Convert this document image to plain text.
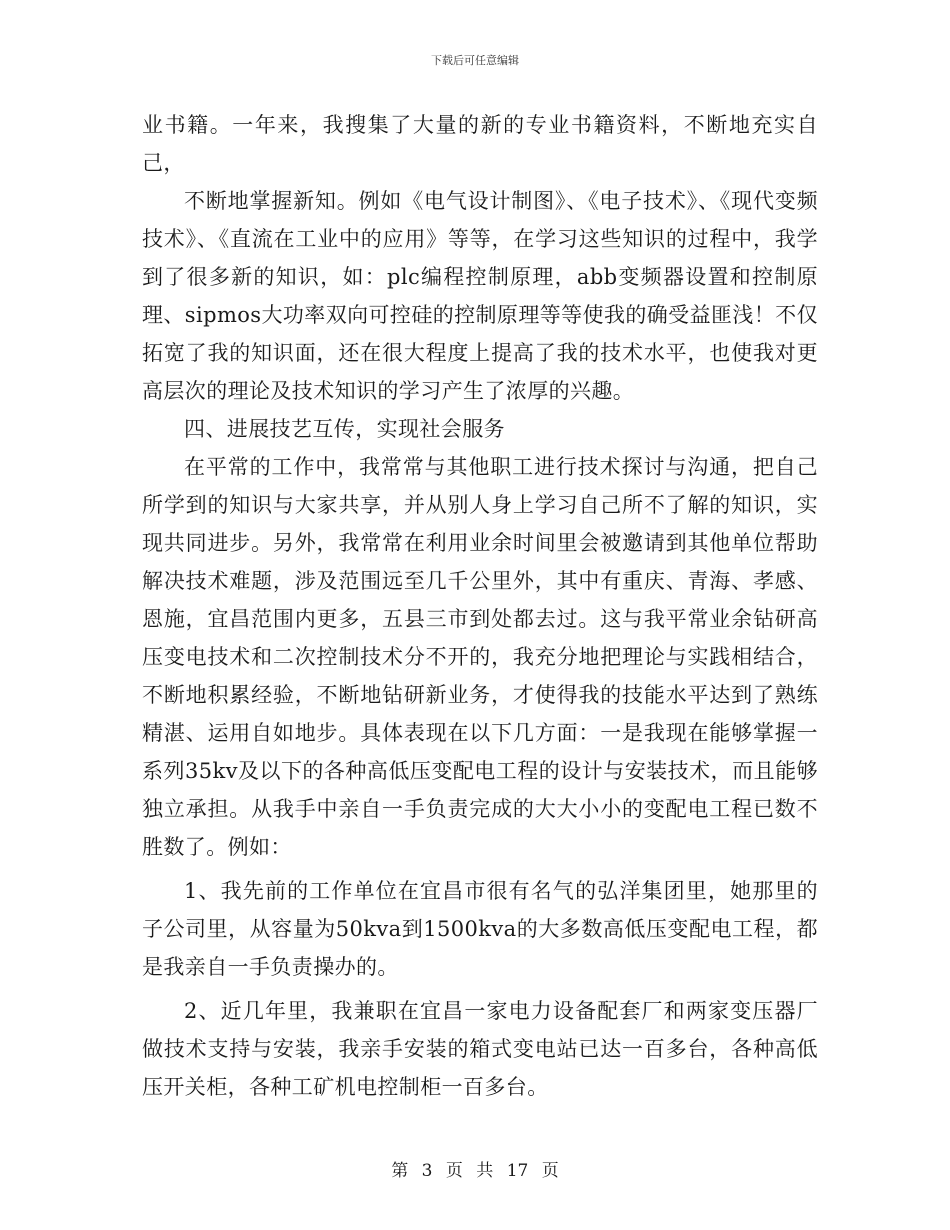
下载后可任意编辑

业书籍。一年来，我搜集了大量的新的专业书籍资料，不断地充实自己，

不断地掌握新知。例如《电气设计制图》、《电子技术》、《现代变频技术》、《直流在工业中的应用》等等，在学习这些知识的过程中，我学到了很多新的知识，如：plc编程控制原理，abb变频器设置和控制原理、sipmos大功率双向可控硅的控制原理等等使我的确受益匪浅！不仅拓宽了我的知识面，还在很大程度上提高了我的技术水平，也使我对更高层次的理论及技术知识的学习产生了浓厚的兴趣。

四、进展技艺互传，实现社会服务

在平常的工作中，我常常与其他职工进行技术探讨与沟通，把自己所学到的知识与大家共享，并从别人身上学习自己所不了解的知识，实现共同进步。另外，我常常在利用业余时间里会被邀请到其他单位帮助解决技术难题，涉及范围远至几千公里外，其中有重庆、青海、孝感、恩施，宜昌范围内更多，五县三市到处都去过。这与我平常业余钻研高压变电技术和二次控制技术分不开的，我充分地把理论与实践相结合，不断地积累经验，不断地钻研新业务，才使得我的技能水平达到了熟练精湛、运用自如地步。具体表现在以下几方面：一是我现在能够掌握一系列35kv及以下的各种高低压变配电工程的设计与安装技术，而且能够独立承担。从我手中亲自一手负责完成的大大小小的变配电工程已数不胜数了。例如：

1、我先前的工作单位在宜昌市很有名气的弘洋集团里，她那里的子公司里，从容量为50kva到1500kva的大多数高低压变配电工程，都是我亲自一手负责操办的。

2、近几年里，我兼职在宜昌一家电力设备配套厂和两家变压器厂做技术支持与安装，我亲手安装的箱式变电站已达一百多台，各种高低压开关柜，各种工矿机电控制柜一百多台。

第 3 页 共 17 页
